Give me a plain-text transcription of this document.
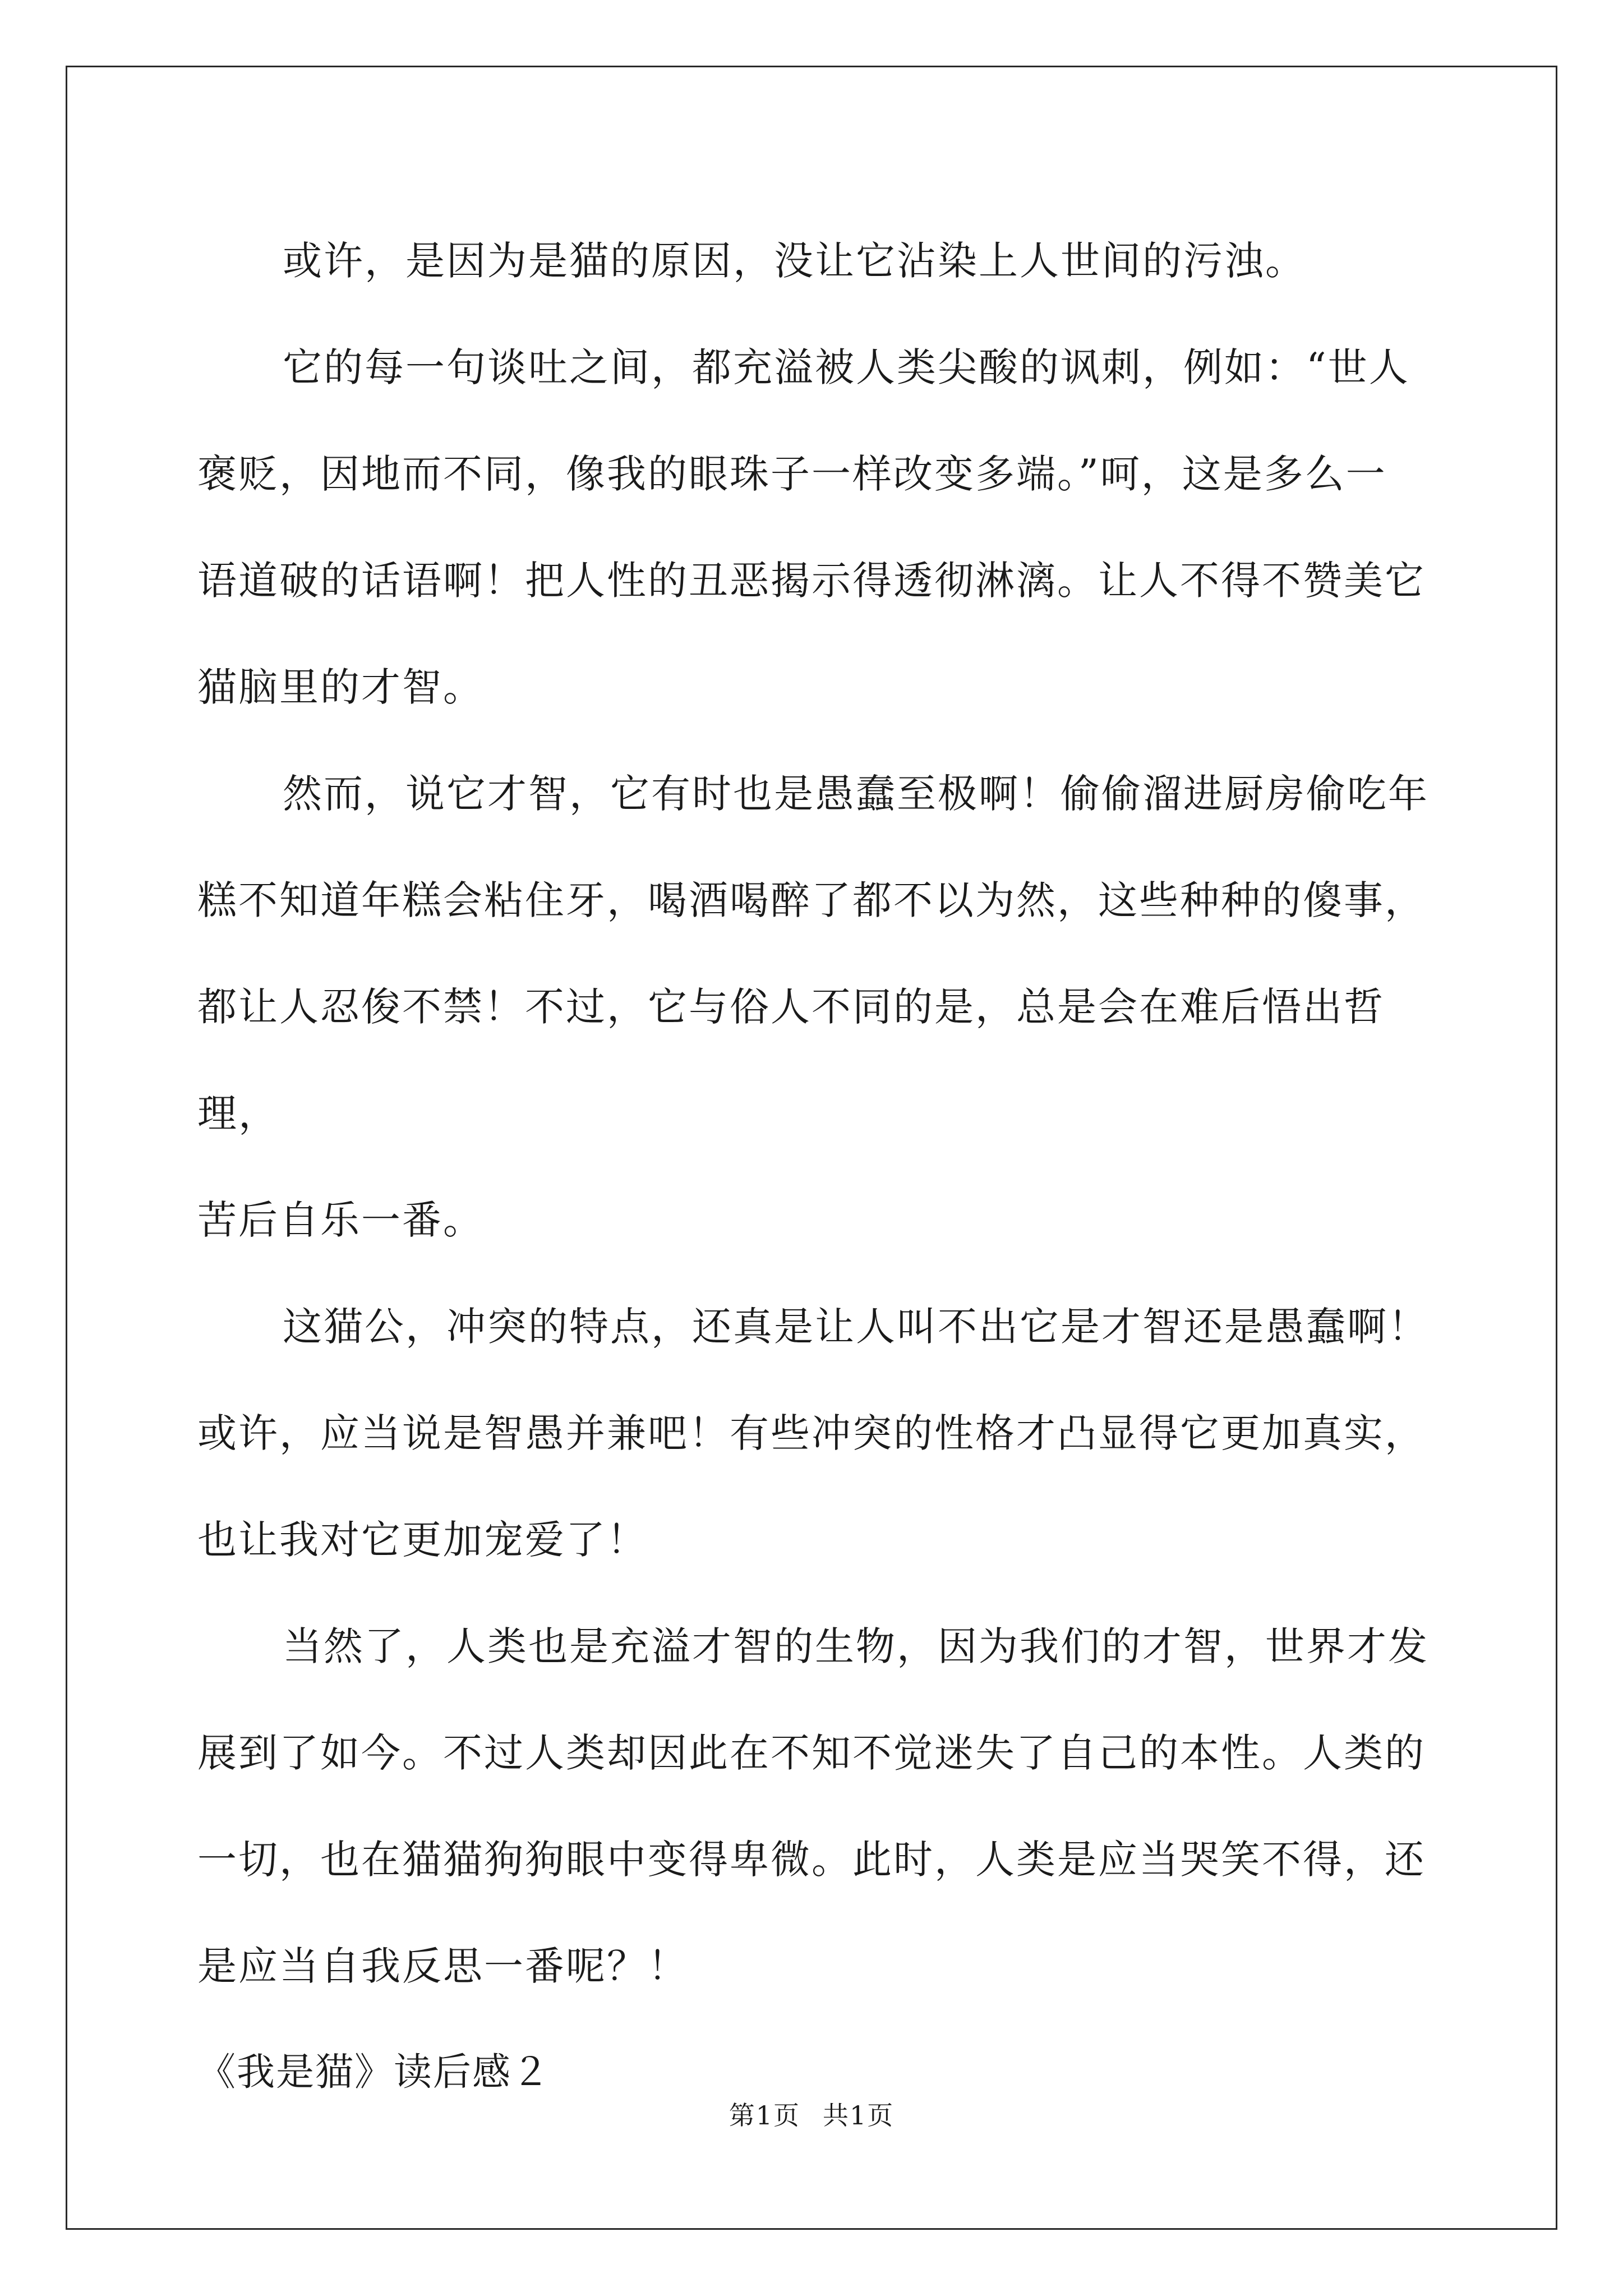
或许，是因为是猫的原因，没让它沾染上人世间的污浊。

它的每一句谈吐之间，都充溢被人类尖酸的讽刺，例如：“世人
褒贬，因地而不同，像我的眼珠子一样改变多端。”呵，这是多么一
语道破的话语啊！把人性的丑恶揭示得透彻淋漓。让人不得不赞美它
猫脑里的才智。

然而，说它才智，它有时也是愚蠢至极啊！偷偷溜进厨房偷吃年
糕不知道年糕会粘住牙，喝酒喝醉了都不以为然，这些种种的傻事，
都让人忍俊不禁！不过，它与俗人不同的是，总是会在难后悟出哲理，
苦后自乐一番。

这猫公，冲突的特点，还真是让人叫不出它是才智还是愚蠢啊！
或许，应当说是智愚并兼吧！有些冲突的性格才凸显得它更加真实，
也让我对它更加宠爱了！

当然了，人类也是充溢才智的生物，因为我们的才智，世界才发
展到了如今。不过人类却因此在不知不觉迷失了自己的本性。人类的
一切，也在猫猫狗狗眼中变得卑微。此时，人类是应当哭笑不得，还
是应当自我反思一番呢？！

《我是猫》读后感２

第1页 共1页
